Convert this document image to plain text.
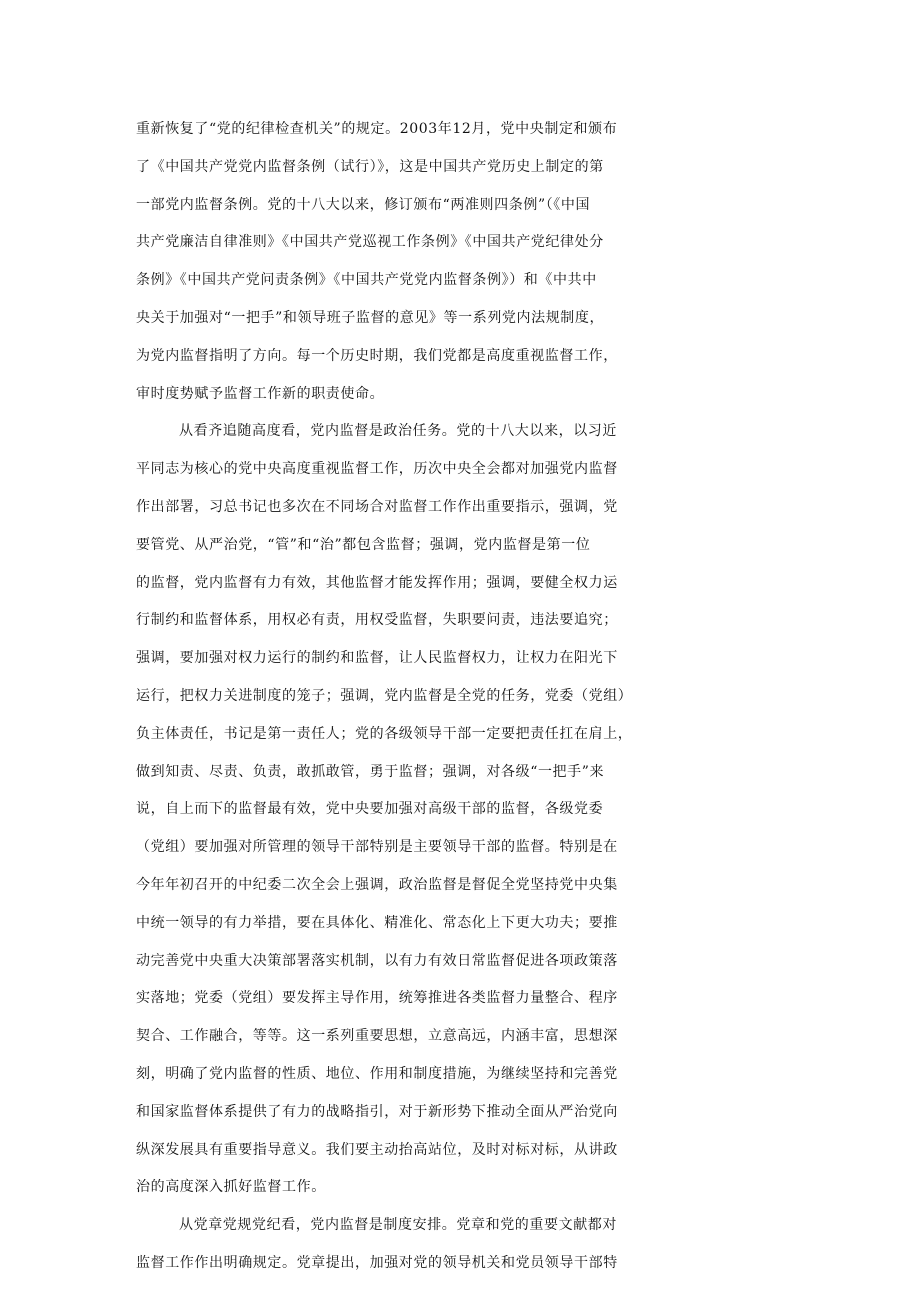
重新恢复了“党的纪律检查机关”的规定。2003年12月，党中央制定和颁布
了《中国共产党党内监督条例（试行）》，这是中国共产党历史上制定的第
一部党内监督条例。党的十八大以来，修订颁布“两准则四条例”（《中国
共产党廉洁自律准则》《中国共产党巡视工作条例》《中国共产党纪律处分
条例》《中国共产党问责条例》《中国共产党党内监督条例》）和《中共中
央关于加强对“一把手”和领导班子监督的意见》等一系列党内法规制度，
为党内监督指明了方向。每一个历史时期，我们党都是高度重视监督工作，
审时度势赋予监督工作新的职责使命。
从看齐追随高度看，党内监督是政治任务。党的十八大以来，以习近
平同志为核心的党中央高度重视监督工作，历次中央全会都对加强党内监督
作出部署，习总书记也多次在不同场合对监督工作作出重要指示，强调，党
要管党、从严治党，“管”和“治”都包含监督；强调，党内监督是第一位
的监督，党内监督有力有效，其他监督才能发挥作用；强调，要健全权力运
行制约和监督体系，用权必有责，用权受监督，失职要问责，违法要追究；
强调，要加强对权力运行的制约和监督，让人民监督权力，让权力在阳光下
运行，把权力关进制度的笼子；强调，党内监督是全党的任务，党委（党组）
负主体责任，书记是第一责任人；党的各级领导干部一定要把责任扛在肩上，
做到知责、尽责、负责，敢抓敢管，勇于监督；强调，对各级“一把手”来
说，自上而下的监督最有效，党中央要加强对高级干部的监督，各级党委
（党组）要加强对所管理的领导干部特别是主要领导干部的监督。特别是在
今年年初召开的中纪委二次全会上强调，政治监督是督促全党坚持党中央集
中统一领导的有力举措，要在具体化、精准化、常态化上下更大功夫；要推
动完善党中央重大决策部署落实机制，以有力有效日常监督促进各项政策落
实落地；党委（党组）要发挥主导作用，统筹推进各类监督力量整合、程序
契合、工作融合，等等。这一系列重要思想，立意高远，内涵丰富，思想深
刻，明确了党内监督的性质、地位、作用和制度措施，为继续坚持和完善党
和国家监督体系提供了有力的战略指引，对于新形势下推动全面从严治党向
纵深发展具有重要指导意义。我们要主动抬高站位，及时对标对标，从讲政
治的高度深入抓好监督工作。
从党章党规党纪看，党内监督是制度安排。党章和党的重要文献都对
监督工作作出明确规定。党章提出，加强对党的领导机关和党员领导干部特
